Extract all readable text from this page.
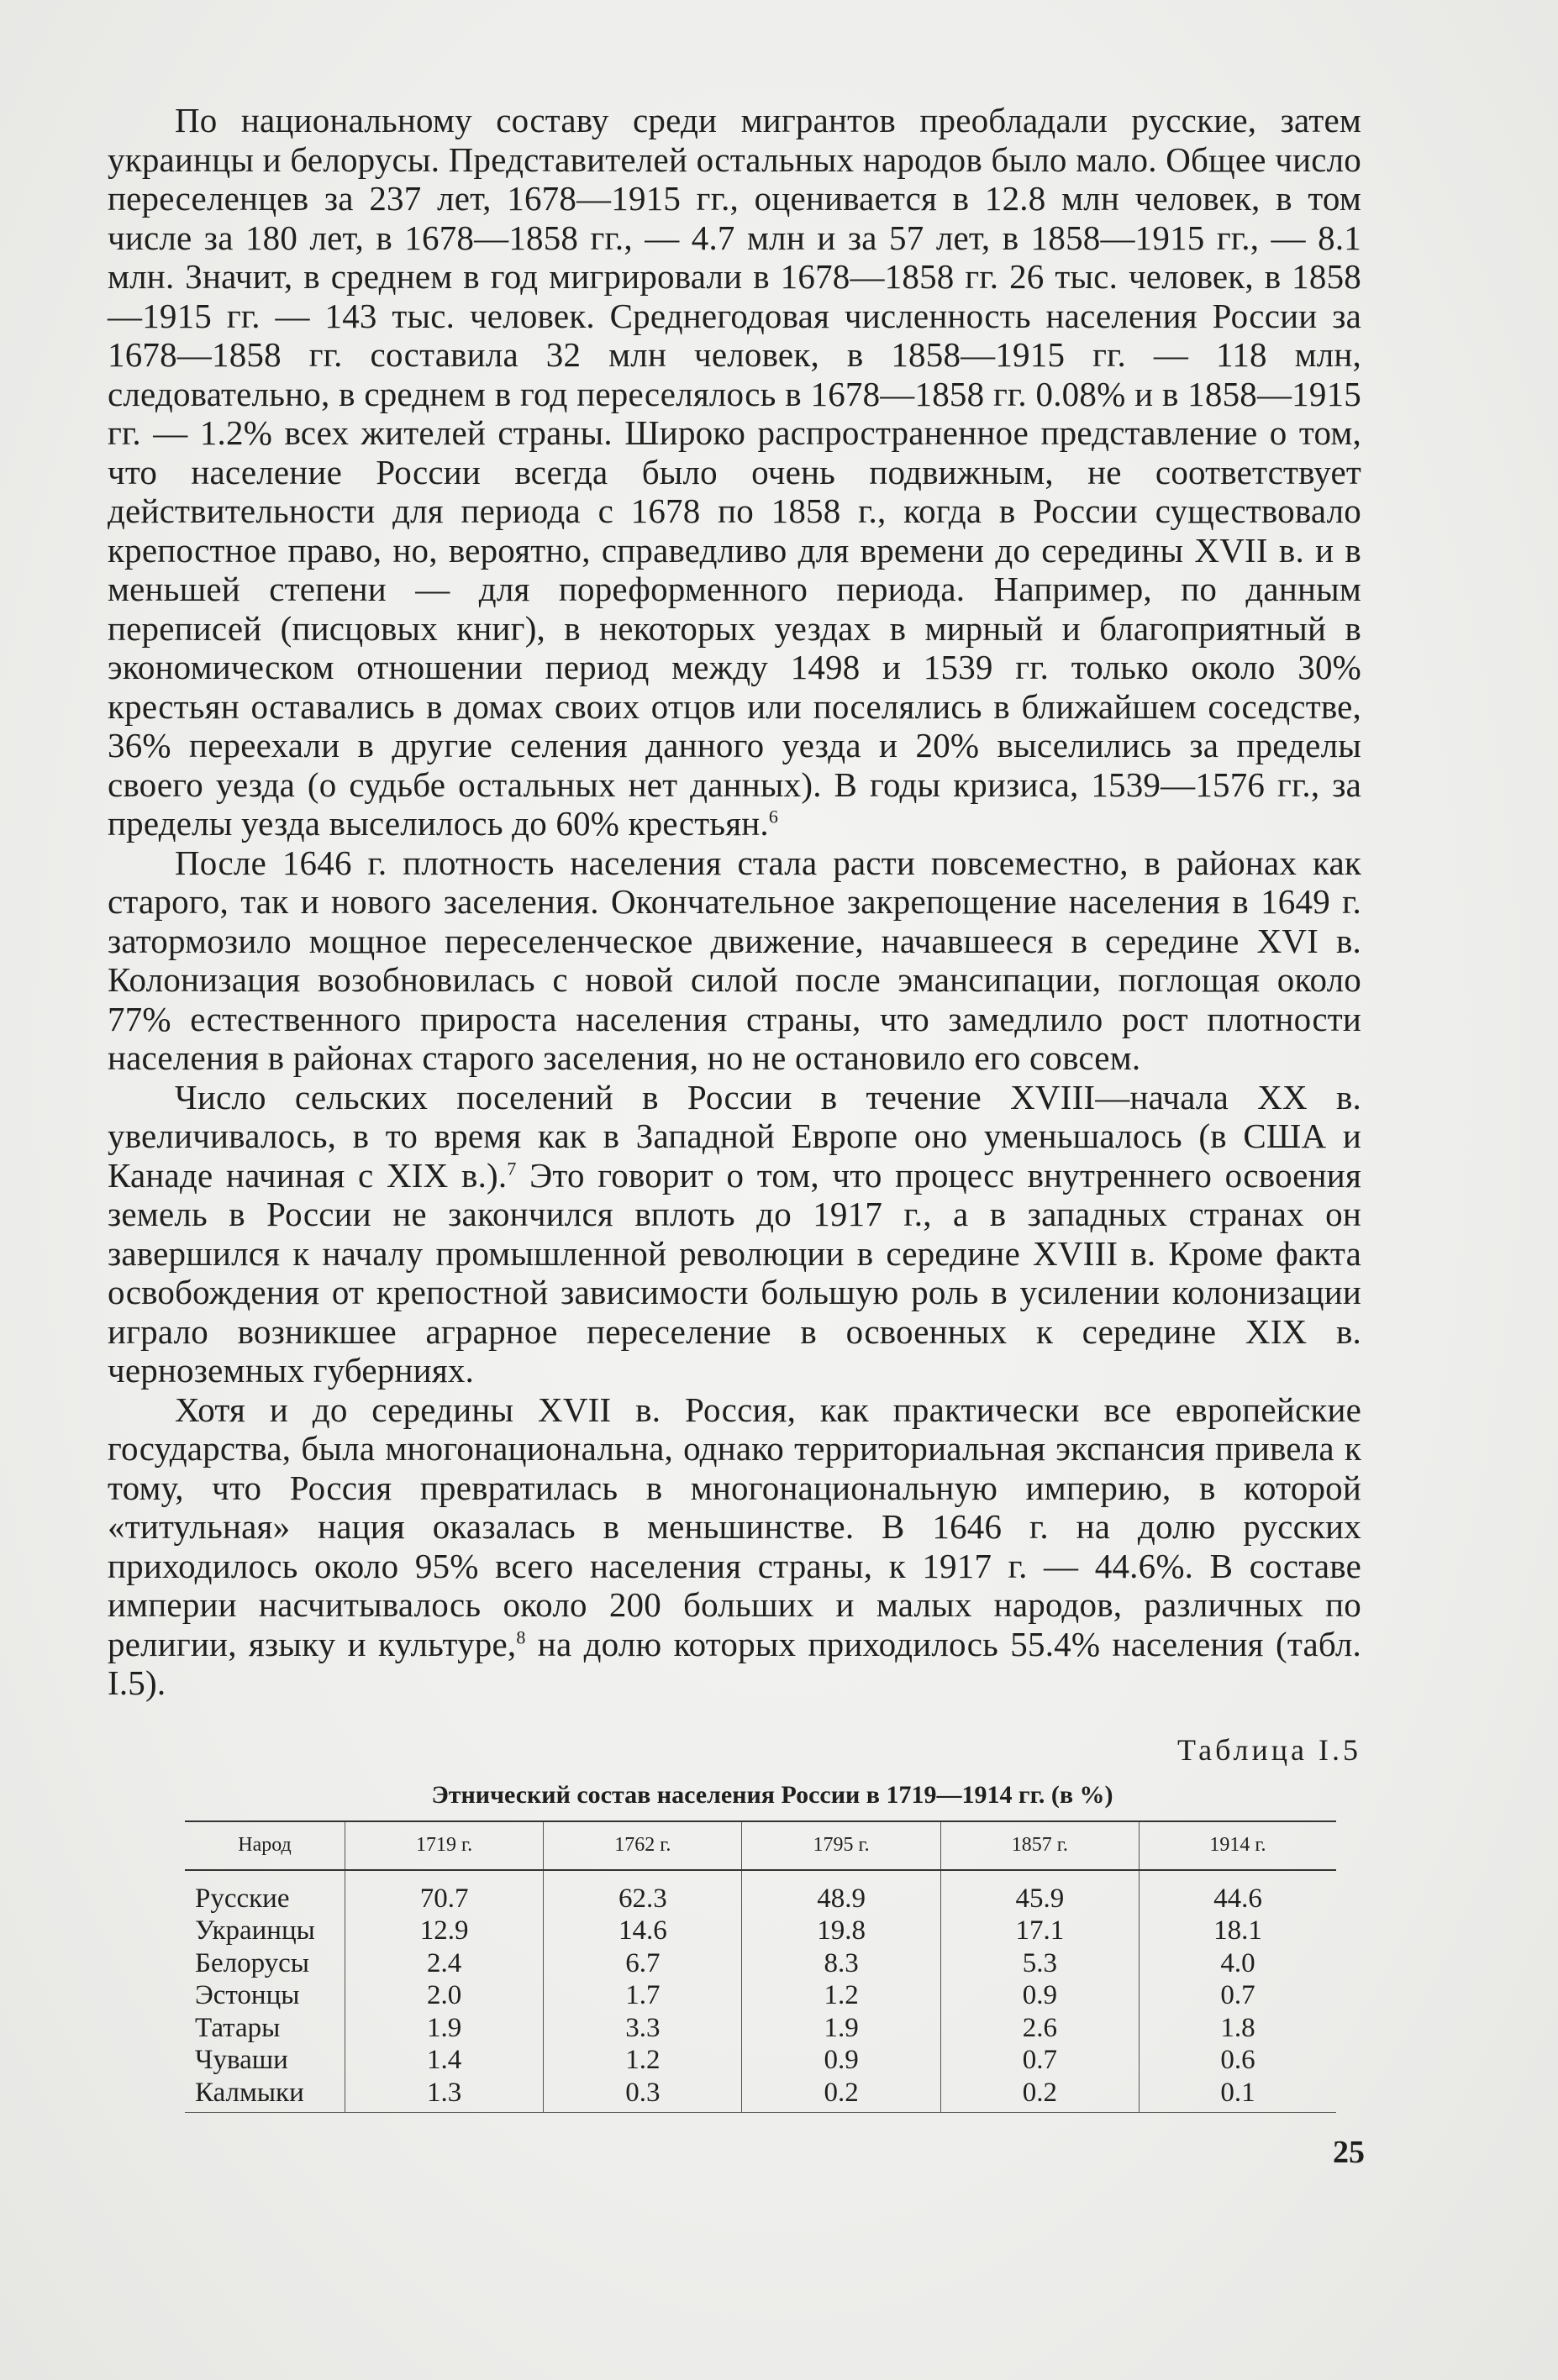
По национальному составу среди мигрантов преобладали русские, затем украинцы и белорусы. Представителей остальных народов было мало. Общее число переселенцев за 237 лет, 1678—1915 гг., оценивается в 12.8 млн человек, в том числе за 180 лет, в 1678—1858 гг., — 4.7 млн и за 57 лет, в 1858—1915 гг., — 8.1 млн. Значит, в среднем в год мигрировали в 1678—1858 гг. 26 тыс. человек, в 1858—1915 гг. — 143 тыс. человек. Среднегодовая численность населения России за 1678—1858 гг. составила 32 млн человек, в 1858—1915 гг. — 118 млн, следовательно, в среднем в год переселялось в 1678—1858 гг. 0.08% и в 1858—1915 гг. — 1.2% всех жителей страны. Широко распространенное представление о том, что население России всегда было очень подвижным, не соответствует действительности для периода с 1678 по 1858 г., когда в России существовало крепостное право, но, вероятно, справедливо для времени до середины XVII в. и в меньшей степени — для пореформенного периода. Например, по данным переписей (писцовых книг), в некоторых уездах в мирный и благоприятный в экономическом отношении период между 1498 и 1539 гг. только около 30% крестьян оставались в домах своих отцов или поселялись в ближайшем соседстве, 36% переехали в другие селения данного уезда и 20% выселились за пределы своего уезда (о судьбе остальных нет данных). В годы кризиса, 1539—1576 гг., за пределы уезда выселилось до 60% крестьян.$^6$

После 1646 г. плотность населения стала расти повсеместно, в районах как старого, так и нового заселения. Окончательное закрепощение населения в 1649 г. затормозило мощное переселенческое движение, начавшееся в середине XVI в. Колонизация возобновилась с новой силой после эмансипации, поглощая около 77% естественного прироста населения страны, что замедлило рост плотности населения в районах старого заселения, но не остановило его совсем.

Число сельских поселений в России в течение XVIII—начала XX в. увеличивалось, в то время как в Западной Европе оно уменьшалось (в США и Канаде начиная с XIX в.).$^7$ Это говорит о том, что процесс внутреннего освоения земель в России не закончился вплоть до 1917 г., а в западных странах он завершился к началу промышленной революции в середине XVIII в. Кроме факта освобождения от крепостной зависимости большую роль в усилении колонизации играло возникшее аграрное переселение в освоенных к середине XIX в. черноземных губерниях.

Хотя и до середины XVII в. Россия, как практически все европейские государства, была многонациональна, однако территориальная экспансия привела к тому, что Россия превратилась в многонациональную империю, в которой «титульная» нация оказалась в меньшинстве. В 1646 г. на долю русских приходилось около 95% всего населения страны, к 1917 г. — 44.6%. В составе империи насчитывалось около 200 больших и малых народов, различных по религии, языку и культуре,$^8$ на долю которых приходилось 55.4% населения (табл. I.5).

Таблица I.5
Этнический состав населения России в 1719—1914 гг. (в %)
Народ	1719 г.	1762 г.	1795 г.	1857 г.	1914 г.
Русские	70.7	62.3	48.9	45.9	44.6
Украинцы	12.9	14.6	19.8	17.1	18.1
Белорусы	2.4	6.7	8.3	5.3	4.0
Эстонцы	2.0	1.7	1.2	0.9	0.7
Татары	1.9	3.3	1.9	2.6	1.8
Чуваши	1.4	1.2	0.9	0.7	0.6
Калмыки	1.3	0.3	0.2	0.2	0.1
25
